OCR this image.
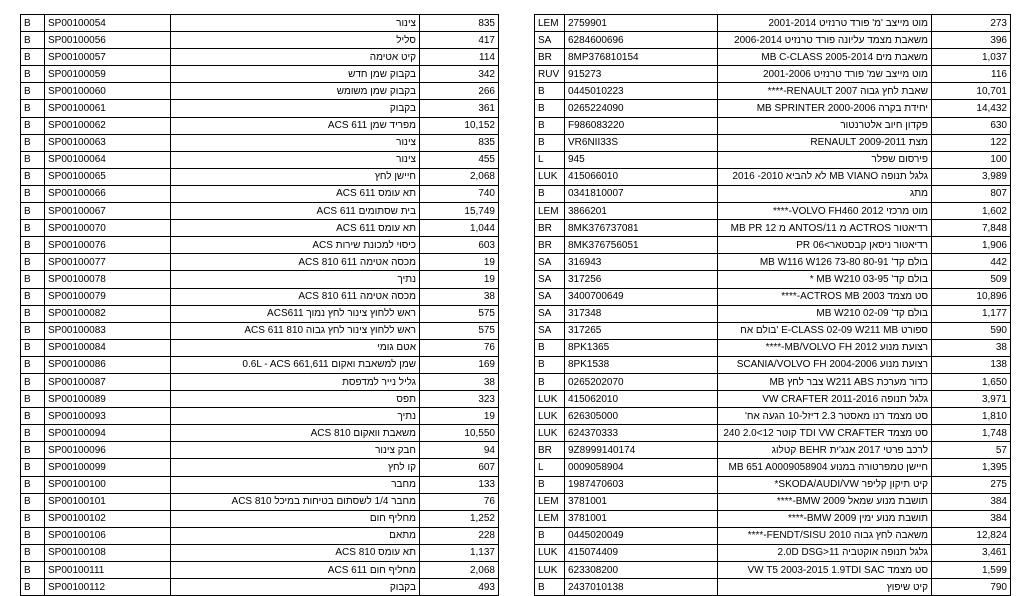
B	SP00100054	צינור	835
B	SP00100056	סליל	417
B	SP00100057	קיט אטימה	114
B	SP00100059	בקבוק שמן חדש	342
B	SP00100060	בקבוק שמן משומש	266
B	SP00100061	בקבוק	361
B	SP00100062	מפריד שמן ACS 611	10,152
B	SP00100063	צינור	835
B	SP00100064	צינור	455
B	SP00100065	חיישן לחץ	2,068
B	SP00100066	תא עומס ACS 611	740
B	SP00100067	בית שסתומים ACS 611	15,749
B	SP00100070	תא עומס ACS 611	1,044
B	SP00100076	כיסוי למכונת שירות ACS	603
B	SP00100077	מכסה אטימה ACS 810 611	19
B	SP00100078	נתיך	19
B	SP00100079	מכסה אטימה ACS 810 611	38
B	SP00100082	ראש ללחוץ צינור לחץ נמוך ACS611	575
B	SP00100083	ראש ללחוץ צינור לחץ גבוה ACS 611 810	575
B	SP00100084	אטם גומי	76
B	SP00100086	שמן למשאבת ואקום 0.6L - ACS 661,611	169
B	SP00100087	גליל נייר למדפסת	38
B	SP00100089	תפס	323
B	SP00100093	נתיך	19
B	SP00100094	משאבת וואקום ACS 810	10,550
B	SP00100096	חבק צינור	94
B	SP00100099	קו לחץ	607
B	SP00100100	מחבר	133
B	SP00100101	מחבר 1/4 לשסתום בטיחות במיכל ACS 810	76
B	SP00100102	מחליף חום	1,252
B	SP00100106	מתאם	228
B	SP00100108	תא עומס ACS 810	1,137
B	SP00100111	מחליף חום ACS 611	2,068
B	SP00100112	בקבוק	493
LEM	2759901	מוט מייצב 'מ' פורד טרנזיט 2001-2014	273
SA	6284600696	משאבת מצמד עליונה פורד טרנזיט 2006-2014	396
BR	8MP376810154	משאבת מים MB C-CLASS 2005-2014	1,037
RUV	915273	מוט מייצב שמ' פורד טרנזיט 2001-2006	116
B	0445010223	שאבת לחץ גבוה RENAULT 2007-****	10,701
B	0265224090	יחידת בקרה MB SPRINTER 2000-2006	14,432
B	F986083220	פקדון חיוב אלטרנטור	630
B	VR6NII33S	מצת RENAULT 2009-2011	122
L	945	פירסום שפלר	100
LUK	415066010	גלגל תנופה MB VIANO לא להביא 2010- 2016	3,989
B	0341810007	מתג	807
LEM	3866201	מוט מרכזי VOLVO FH460 2012-****	1,602
BR	8MK376737081	רדיאטור ACTROS מ 11/ANTOS מ 12 MB PR	7,848
BR	8MK376756051	רדיאטור ניסאן קבסטאר>06 PR	1,906
SA	316943	בולם קד' MB W116 W126 73-80 80-91	442
SA	317256	בולם קד' MB W210 03-95 *	509
SA	3400700649	סט מצמד ACTROS MB 2003-****	10,896
SA	317348	בולם קד' MB W210 02-09	1,177
SA	317265	ספורט E-CLASS 02-09 W211 MB 'בולם אח	590
B	8PK1365	רצועת מנוע MB/VOLVO FH 2012-****	38
B	8PK1538	רצועת מנוע SCANIA/VOLVO FH 2004-2006	138
B	0265202070	כדור מערכת W211 ABS צבר לחץ MB	1,650
LUK	415062010	גלגל תנופה VW CRAFTER 2011-2016	3,971
LUK	626305000	סט מצמד רנו מאסטר 2.3 דיזל-10 הגעה אח'	1,810
LUK	624370333	סט מצמד TDI VW CRAFTER קוטר 12>2.0 240	1,748
BR	9Z8999140174	לרכב פרטי 2017 אנג'ית BEHR קטלוג	57
L	0009058904	חיישן טמפרטורה במנוע MB 651 A0009058904	1,395
B	1987470603	קיט תיקון קליפר SKODA/AUDI/VW*	275
LEM	3781001	תושבת מנוע שמאל BMW 2009-****	384
LEM	3781001	תושבת מנוע ימין BMW 2009-****	384
B	0445020049	משאבה לחץ גבוה FENDT/SISU 2010-****	12,824
LUK	415074409	גלגל תנופה אוקטביה 2.0D DSG>11	3,461
LUK	623308200	סט מצמד VW T5 2003-2015 1.9TDI SAC	1,599
B	2437010138	קיט שיפוץ	790
